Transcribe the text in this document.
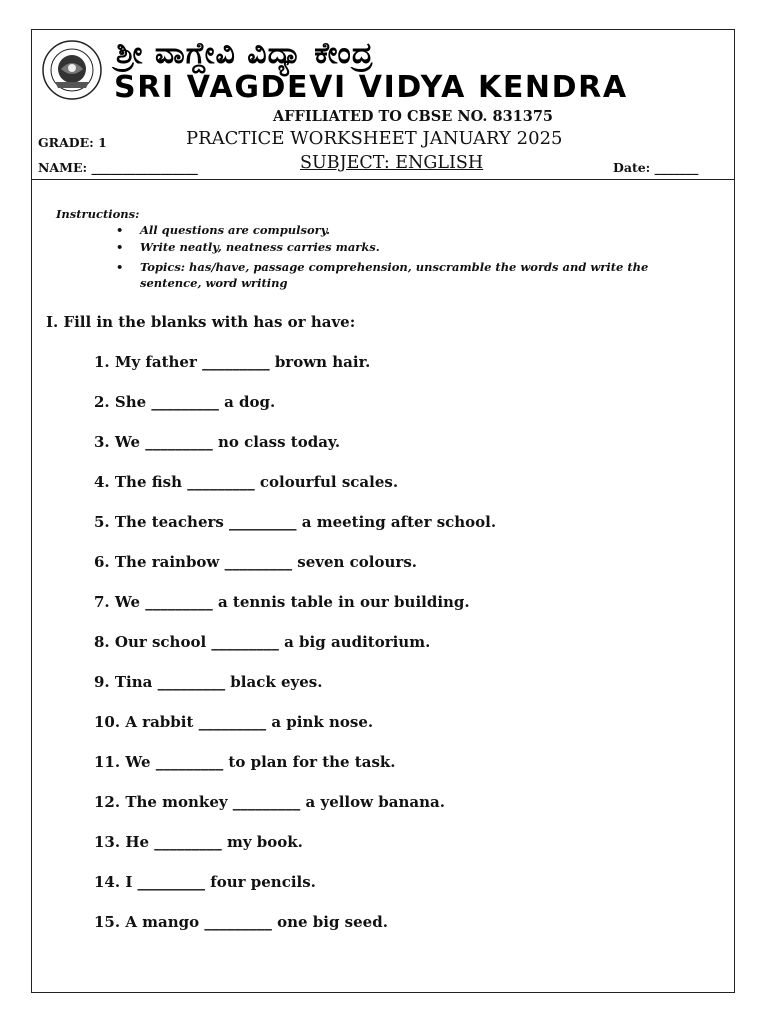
ಶ್ರೀ ವಾಗ್ದೇವಿ ವಿದ್ಯಾ ಕೇಂದ್ರ
SRI VAGDEVI VIDYA KENDRA
AFFILIATED TO CBSE NO. 831375
GRADE: 1	PRACTICE WORKSHEET JANUARY 2025
NAME: _________________	SUBJECT: ENGLISH	Date: _______
Instructions:
• All questions are compulsory.
• Write neatly, neatness carries marks.
• Topics: has/have, passage comprehension, unscramble the words and write the sentence, word writing
I. Fill in the blanks with has or have:
1. My father _________ brown hair.
2. She _________ a dog.
3. We _________ no class today.
4. The fish _________ colourful scales.
5. The teachers _________ a meeting after school.
6. The rainbow _________ seven colours.
7. We _________ a tennis table in our building.
8. Our school _________ a big auditorium.
9. Tina _________ black eyes.
10. A rabbit _________ a pink nose.
11. We _________ to plan for the task.
12. The monkey _________ a yellow banana.
13. He _________ my book.
14. I _________ four pencils.
15. A mango _________ one big seed.
